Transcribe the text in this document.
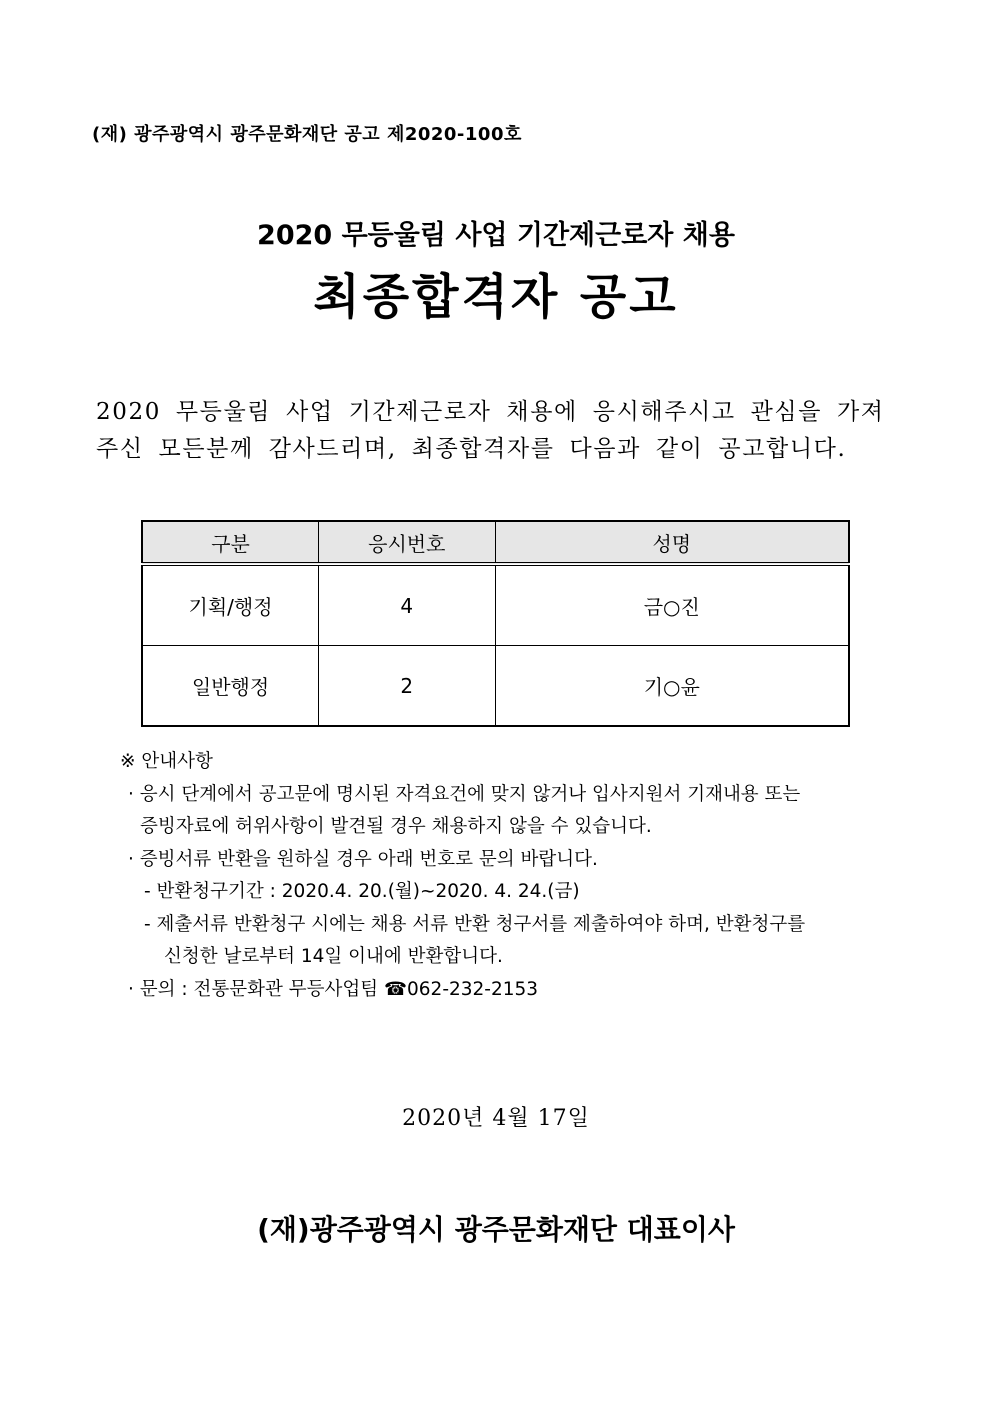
(재) 광주광역시 광주문화재단 공고 제2020-100호
2020 무등울림 사업 기간제근로자 채용
최종합격자 공고
2020 무등울림 사업 기간제근로자 채용에 응시해주시고 관심을 가져
주신 모든분께 감사드리며, 최종합격자를 다음과 같이 공고합니다.
구분	응시번호	성명
기획/행정	4	금○진
일반행정	2	기○윤
※ 안내사항
· 응시 단계에서 공고문에 명시된 자격요건에 맞지 않거나 입사지원서 기재내용 또는
증빙자료에 허위사항이 발견될 경우 채용하지 않을 수 있습니다.
· 증빙서류 반환을 원하실 경우 아래 번호로 문의 바랍니다.
- 반환청구기간 : 2020.4. 20.(월)~2020. 4. 24.(금)
- 제출서류 반환청구 시에는 채용 서류 반환 청구서를 제출하여야 하며, 반환청구를
신청한 날로부터 14일 이내에 반환합니다.
· 문의 : 전통문화관 무등사업팀 ☎062-232-2153
2020년 4월 17일
(재)광주광역시 광주문화재단 대표이사
